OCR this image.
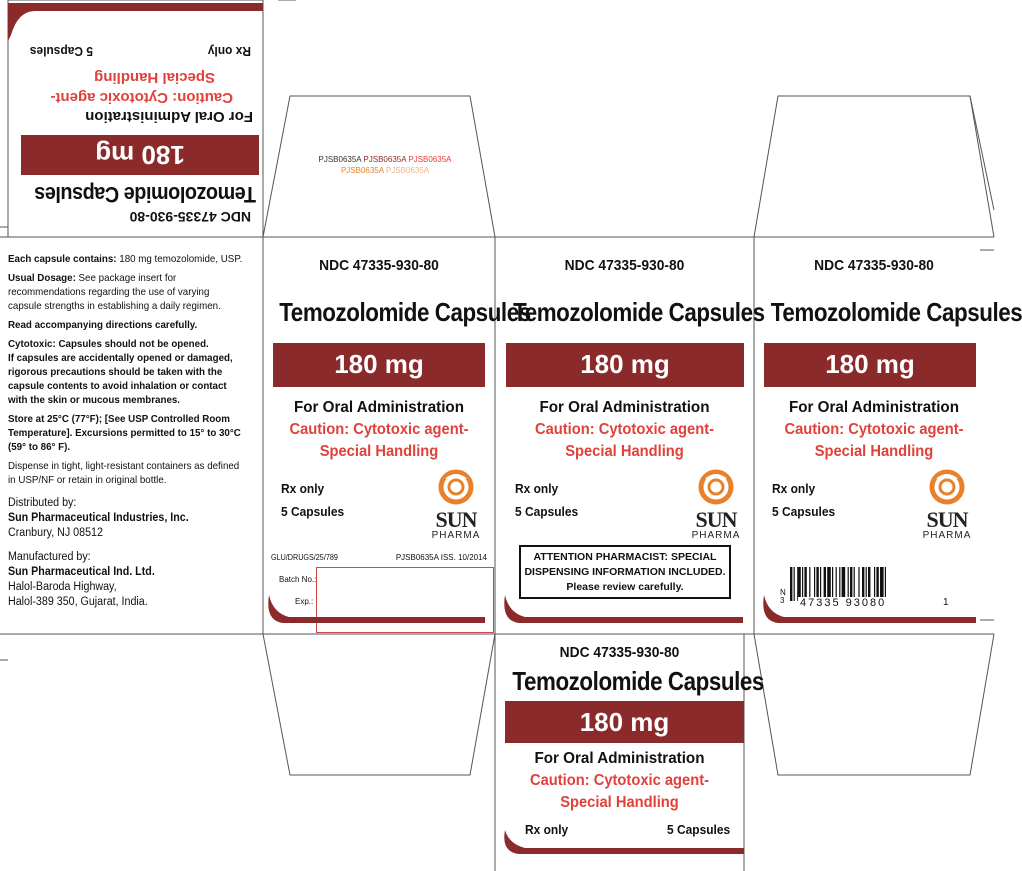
NDC 47335-930-80
Temozolomide Capsules
180 mg
For Oral Administration
Caution: Cytotoxic agent-
Special Handling
Rx only
5 Capsules
PJSB0635A PJSB0635A PJSB0635A
PJSB0635A PJSB0635A

Each capsule contains: 180 mg temozolomide, USP.

Usual Dosage: See package insert for recommendations regarding the use of varying capsule strengths in establishing a daily regimen.

Read accompanying directions carefully.

Cytotoxic: Capsules should not be opened.

If capsules are accidentally opened or damaged, rigorous precautions should be taken with the capsule contents to avoid inhalation or contact with the skin or mucous membranes.

Store at 25°C (77°F); [See USP Controlled Room Temperature]. Excursions permitted to 15° to 30°C (59° to 86° F).

Dispense in tight, light-resistant containers as defined in USP/NF or retain in original bottle.

Distributed by:
Sun Pharmaceutical Industries, Inc.
Cranbury, NJ 08512

Manufactured by:
Sun Pharmaceutical Ind. Ltd.
Halol-Baroda Highway,
Halol-389 350, Gujarat, India.

NDC 47335-930-80
Temozolomide Capsules
180 mg
For Oral Administration
Caution: Cytotoxic agent-
Special Handling
Rx only
5 Capsules	SUN
PHARMA
GLU/DRUGS/25/789	PJSB0635A ISS. 10/2014
Batch No.:
Exp.:
NDC 47335-930-80
Temozolomide Capsules
180 mg
For Oral Administration
Caution: Cytotoxic agent-
Special Handling
Rx only
5 Capsules	SUN
PHARMA
ATTENTION PHARMACIST: SPECIAL
DISPENSING INFORMATION INCLUDED.
Please review carefully.
NDC 47335-930-80
Temozolomide Capsules
180 mg
For Oral Administration
Caution: Cytotoxic agent-
Special Handling
Rx only
5 Capsules	SUN
PHARMA
N
3 47335 93080	1
NDC 47335-930-80
Temozolomide Capsules
180 mg
For Oral Administration
Caution: Cytotoxic agent-
Special Handling
Rx only	5 Capsules
